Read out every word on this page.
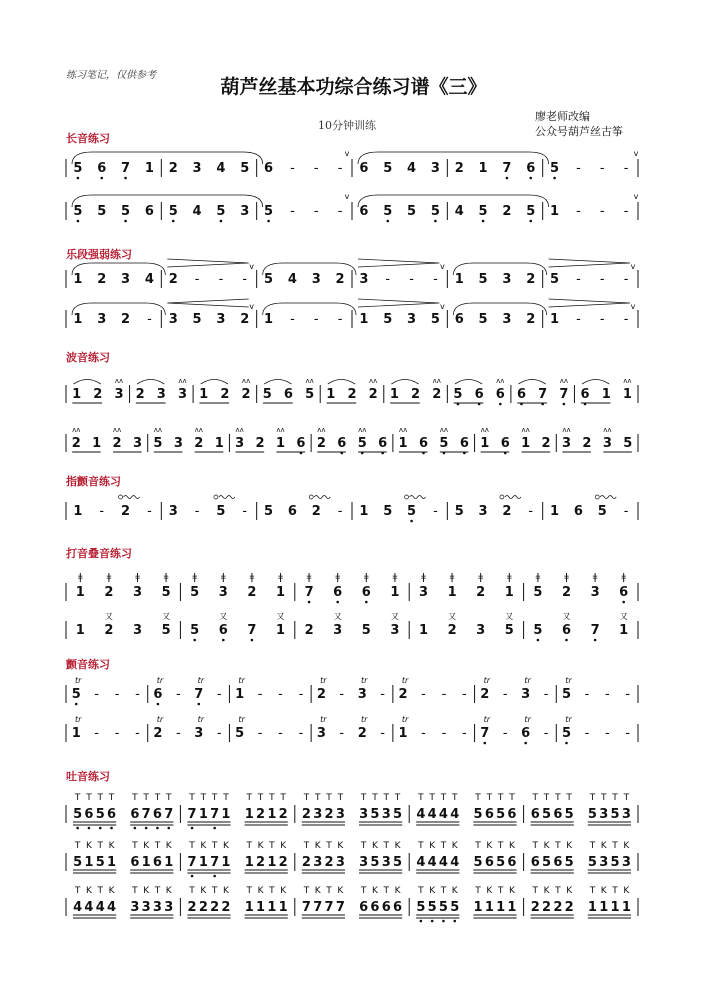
练习笔记，仅供参考
葫芦丝基本功综合练习谱《三》
10分钟训练
廖老师改编
公众号葫芦丝古筝
长音练习
乐段强弱练习
波音练习
指颤音练习
打音叠音练习
颤音练习
吐音练习
5 6 7 1 2 3 4 5 6 - - - 6 5 4 3 2 1 7 6 5 - - -
v	v
5 5 5 6 5 4 5 3 5 - - - 6 5 5 5 4 5 2 5 1 - - -
v	v
1 2 3 4 2 - - - 5 4 3 2 3 - - - 1 5 3 2 5 - - -
v	v	v
1 3 2 - 3 5 3 2 1 - - - 1 5 3 5 6 5 3 2 1 - - -
v	v	v
1 2 3 2 3 3 1 2 2 5 6 5 1 2 2 1 2 2 5 6 6 6 7 7 6 1 1
ᴧᴧ	ᴧᴧ	ᴧᴧ	ᴧᴧ	ᴧᴧ	ᴧᴧ	ᴧᴧ	ᴧᴧ	ᴧᴧ
2 1 2 3 5 3 2 1 3 2 1 6 2 6 5 6 1 6 5 6 1 6 1 2 3 2 3 5
ᴧᴧ	ᴧᴧ	ᴧᴧ	ᴧᴧ	ᴧᴧ	ᴧᴧ	ᴧᴧ	ᴧᴧ	ᴧᴧ	ᴧᴧ	ᴧᴧ	ᴧᴧ	ᴧᴧ	ᴧᴧ
1 - 2 - 3 - 5 - 5 6 2 - 1 5 5 - 5 3 2 - 1 6 5 -
1 2 3 5 5 3 2 1 7 6 6 1 3 1 2 1 5 2 3 6
ǂ ǂ ǂ ǂ ǂ ǂ ǂ ǂ ǂ ǂ ǂ ǂ ǂ ǂ ǂ ǂ ǂ ǂ ǂ ǂ
1 2 3 5 5 6 7 1 2 3 5 3 1 2 3 5 5 6 7 1
又	又	又	又	又	又	又	又	又	又
5 - - - 6 - 7 - 1 - - - 2 - 3 - 2 - - - 2 - 3 - 5 - - -
tr	tr	tr	tr	tr	tr	tr	tr	tr	tr
1 - - - 2 - 3 - 5 - - - 3 - 2 - 1 - - - 7 - 6 - 5 - - -
tr	tr	tr	tr	tr	tr	tr	tr	tr	tr
5
T
6
T
5
T
6
T
6
T
7
T
6
T
7
T
7
T
1
T
7
T
1
T
1
T
2
T
1
T
2
T
2
T
3
T
2
T
3
T
3
T
5
T
3
T
5
T
4
T
4
T
4
T
4
T
5
T
6
T
5
T
6
T
6
T
5
T
6
T
5
T
5
T
3
T
5
T
3
T
5
T
1
K
5
T
1
K
6
T
1
K
6
T
1
K
7
T
1
K
7
T
1
K
1
T
2
K
1
T
2
K
2
T
3
K
2
T
3
K
3
T
5
K
3
T
5
K
4
T
4
K
4
T
4
K
5
T
6
K
5
T
6
K
6
T
5
K
6
T
5
K
5
T
3
K
5
T
3
K
4
T
4
K
4
T
4
K
3
T
3
K
3
T
3
K
2
T
2
K
2
T
2
K
1
T
1
K
1
T
1
K
7
T
7
K
7
T
7
K
6
T
6
K
6
T
6
K
5
T
5
K
5
T
5
K
1
T
1
K
1
T
1
K
2
T
2
K
2
T
2
K
1
T
1
K
1
T
1
K
